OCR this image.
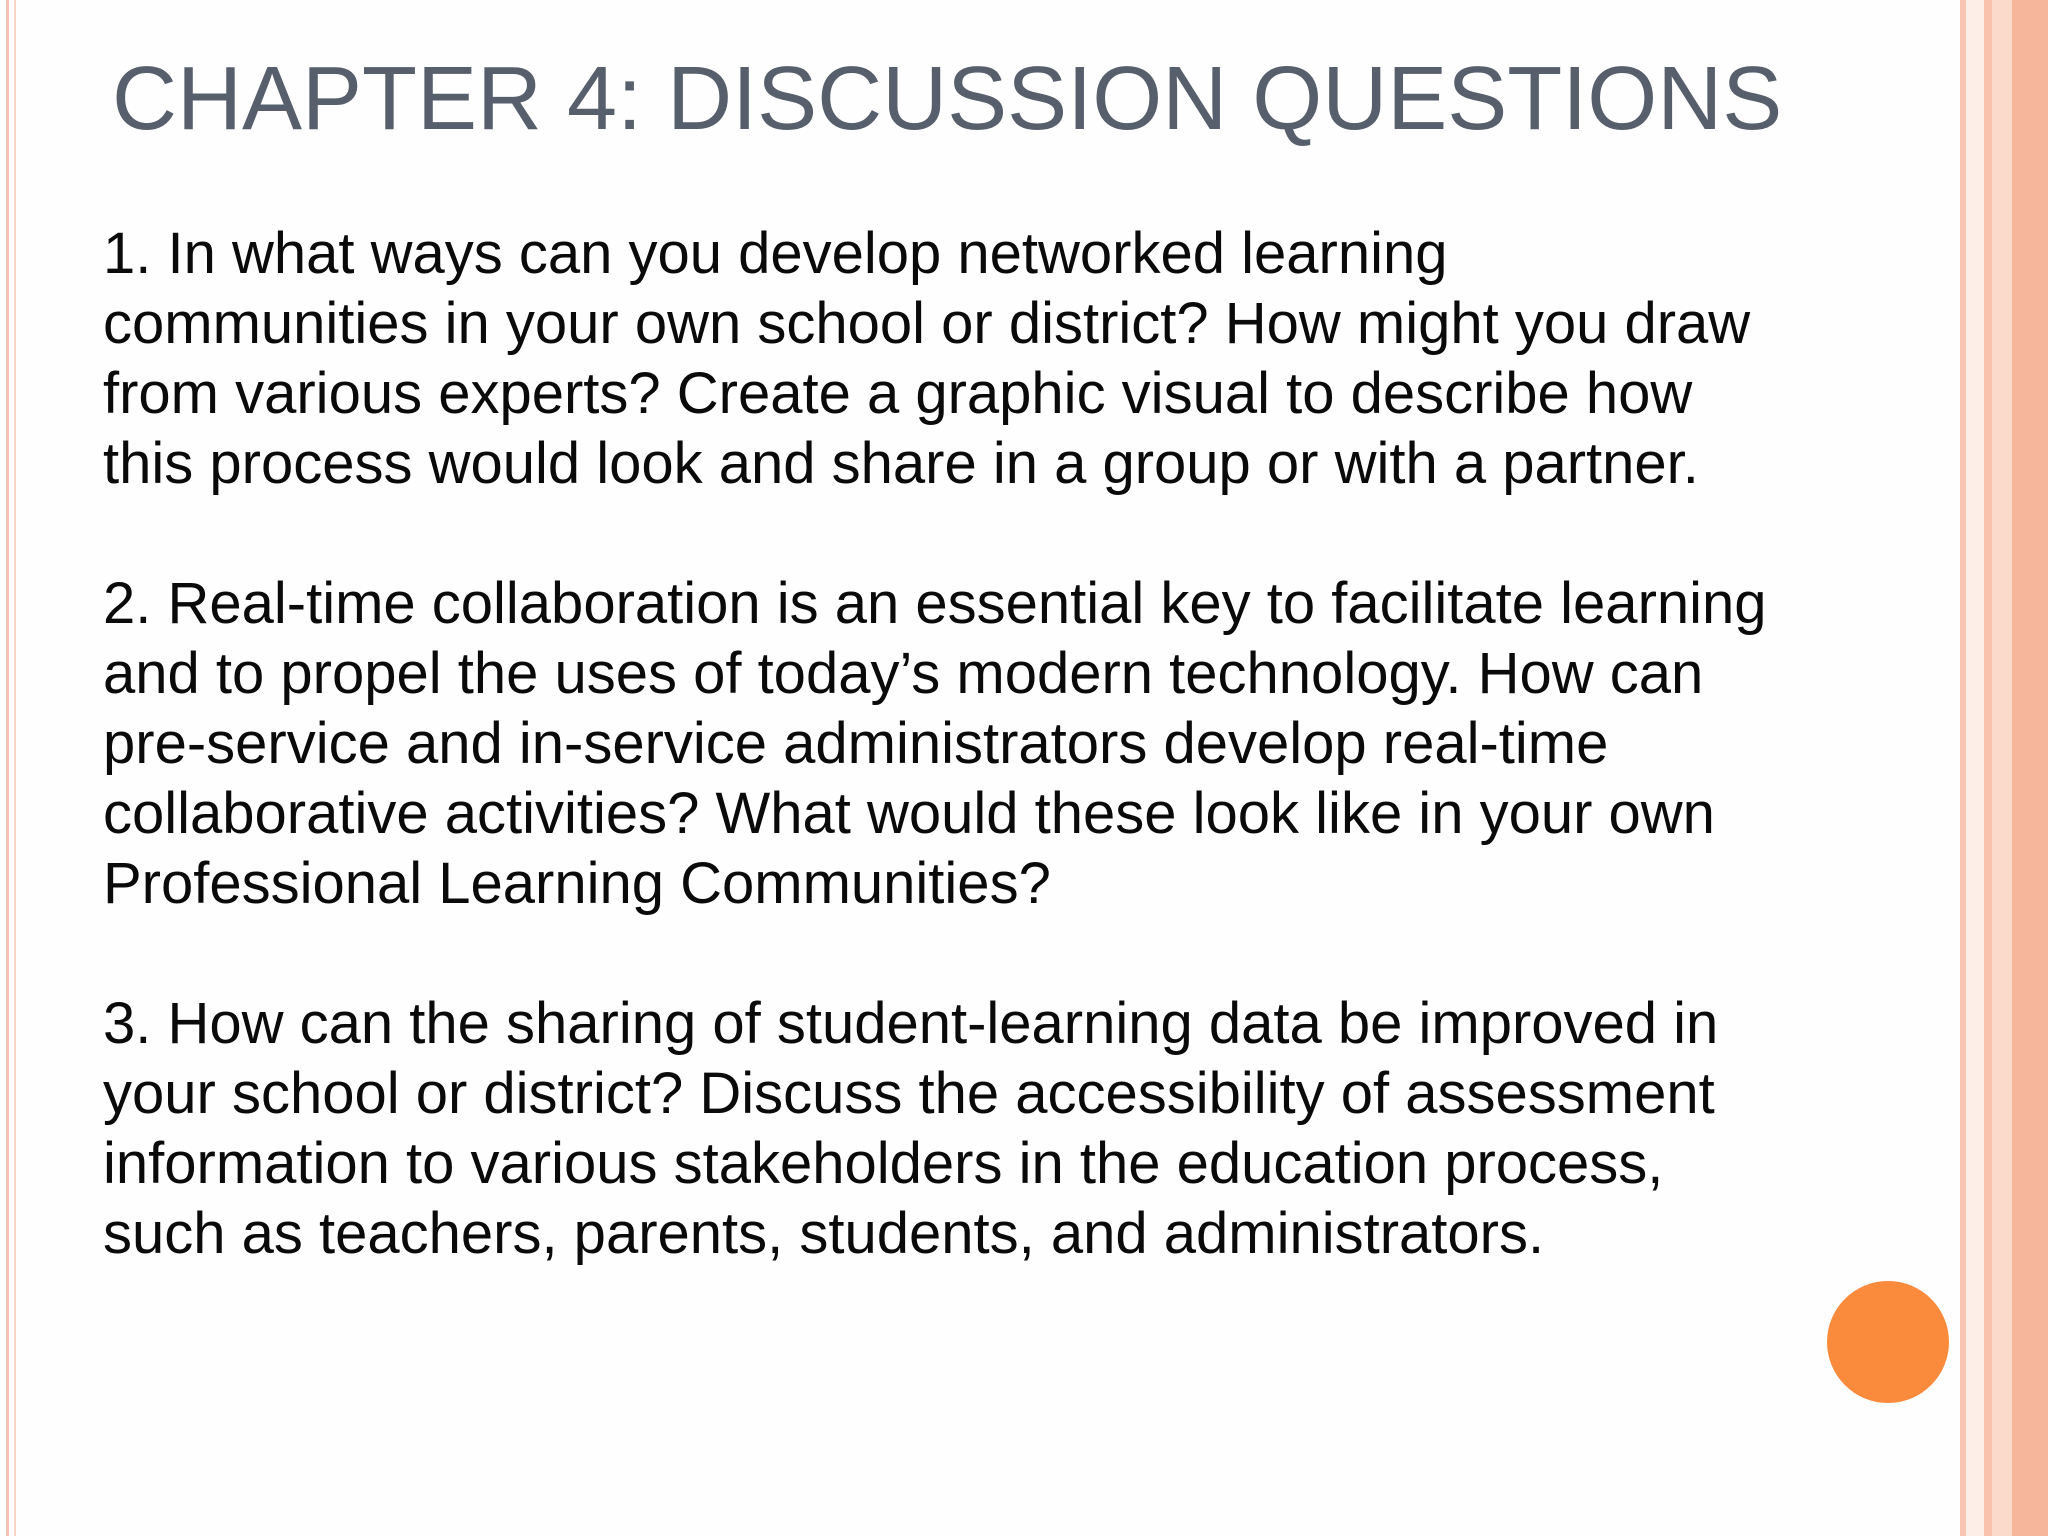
CHAPTER 4: DISCUSSION QUESTIONS

1. In what ways can you develop networked learning
communities in your own school or district? How might you draw
from various experts? Create a graphic visual to describe how
this process would look and share in a group or with a partner.

2. Real-time collaboration is an essential key to facilitate learning
and to propel the uses of today’s modern technology. How can
pre-service and in-service administrators develop real-time
collaborative activities? What would these look like in your own
Professional Learning Communities?

3. How can the sharing of student-learning data be improved in
your school or district? Discuss the accessibility of assessment
information to various stakeholders in the education process,
such as teachers, parents, students, and administrators.
